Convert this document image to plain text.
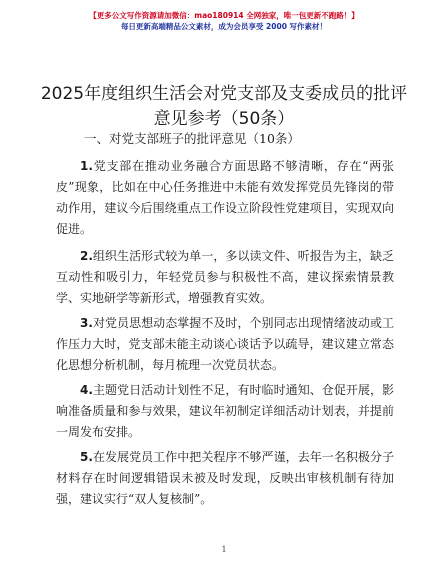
【更多公文写作资源请加微信：mao180914 全网独家，唯一包更新不跑路！】
每日更新高端精品公文素材，成为会员享受 2000 写作素材！
2025年度组织生活会对党支部及支委成员的批评意见参考（50条）
一、对党支部班子的批评意见（10条）
1.党支部在推动业务融合方面思路不够清晰，存在“两张皮”现象，比如在中心任务推进中未能有效发挥党员先锋岗的带动作用，建议今后围绕重点工作设立阶段性党建项目，实现双向促进。
2.组织生活形式较为单一，多以读文件、听报告为主，缺乏互动性和吸引力，年轻党员参与积极性不高，建议探索情景教学、实地研学等新形式，增强教育实效。
3.对党员思想动态掌握不及时，个别同志出现情绪波动或工作压力大时，党支部未能主动谈心谈话予以疏导，建议建立常态化思想分析机制，每月梳理一次党员状态。
4.主题党日活动计划性不足，有时临时通知、仓促开展，影响准备质量和参与效果，建议年初制定详细活动计划表，并提前一周发布安排。
5.在发展党员工作中把关程序不够严谨，去年一名积极分子材料存在时间逻辑错误未被及时发现，反映出审核机制有待加强，建议实行“双人复核制”。
1
